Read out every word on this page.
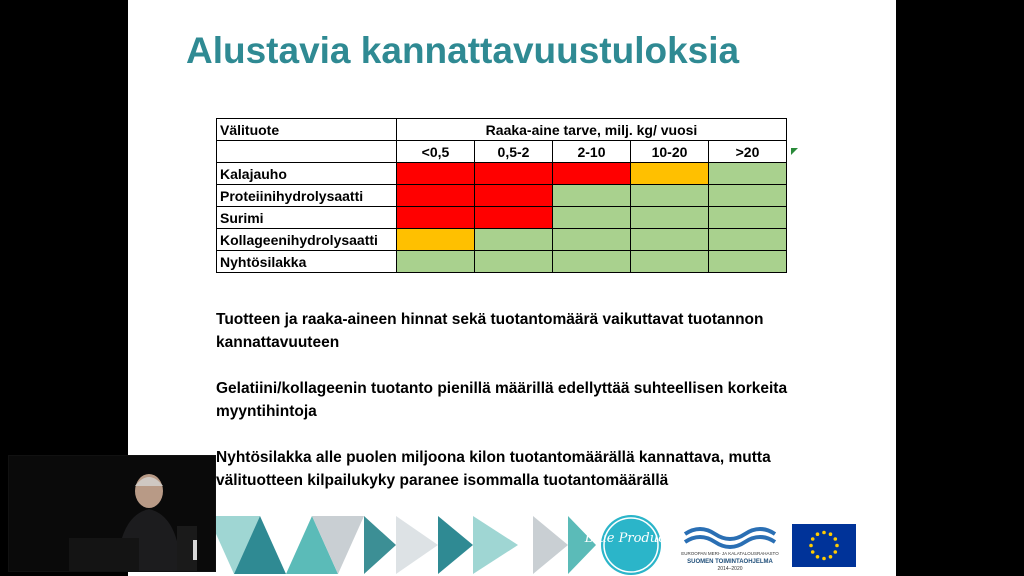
Alustavia kannattavuustuloksia
Välituote	Raaka-aine tarve, milj. kg/ vuosi				
	<0,5	0,5-2	2-10	10-20	>20
Kalajauho					
Proteiinihydrolysaatti					
Surimi					
Kollageenihydrolysaatti					
Nyhtösilakka					

Tuotteen ja raaka-aineen hinnat sekä tuotantomäärä vaikuttavat tuotannon kannattavuuteen

Gelatiini/kollageenin tuotanto pienillä määrillä edellyttää suhteellisen korkeita myyntihintoja

Nyhtösilakka alle puolen miljoona kilon tuotantomäärällä kannattava, mutta välituotteen kilpailukyky paranee isommalla tuotantomäärällä

Blue Products
EUROOPAN MERI- JA KALATALOUSRAHASTO
SUOMEN TOIMINTAOHJELMA
2014–2020
